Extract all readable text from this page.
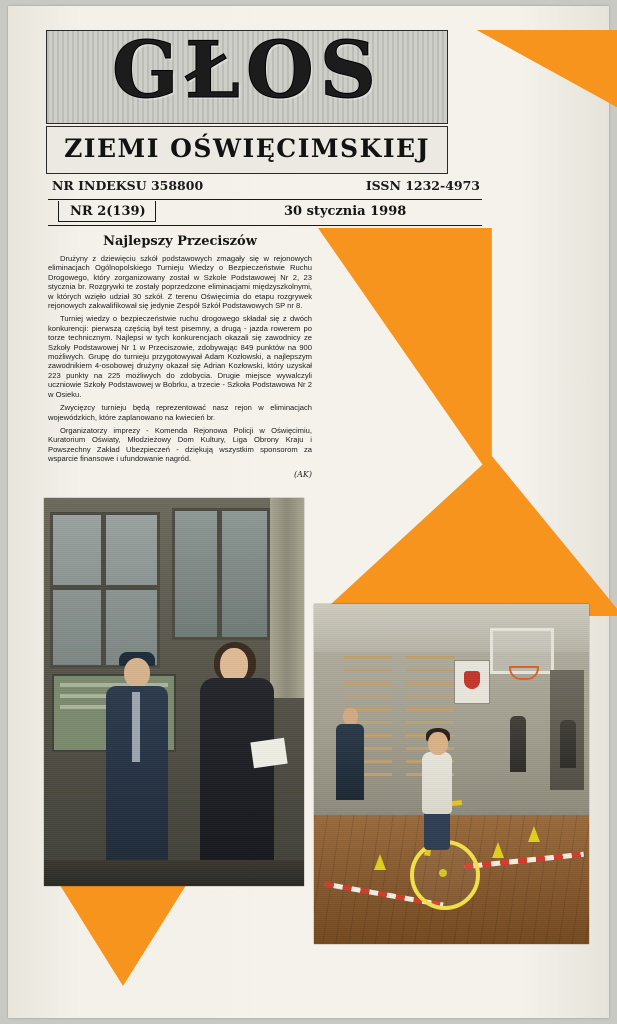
GŁOS
ZIEMI OŚWIĘCIMSKIEJ
NR INDEKSU 358800	ISSN 1232-4973
NR 2(139)	30 stycznia 1998
Najlepszy Przeciszów

Drużyny z dziewięciu szkół podstawowych zmagały się w rejonowych eliminacjach Ogólnopolskiego Turnieju Wiedzy o Bezpieczeństwie Ruchu Drogowego, który zorganizowany został w Szkole Podstawowej Nr 2, 23 stycznia br. Rozgrywki te zostały poprzedzone eliminacjami międzyszkolnymi, w których wzięło udział 30 szkół. Z terenu Oświęcimia do etapu rozgrywek rejonowych zakwalifikował się jedynie Zespół Szkół Podstawowych SP nr 8.

Turniej wiedzy o bezpieczeństwie ruchu drogowego składał się z dwóch konkurencji: pierwszą częścią był test pisemny, a drugą - jazda rowerem po torze technicznym. Najlepsi w tych konkurencjach okazali się zawodnicy ze Szkoły Podstawowej Nr 1 w Przeciszowie, zdobywając 849 punktów na 900 możliwych. Grupę do turnieju przygotowywał Adam Kozłowski, a najlepszym zawodnikiem 4-osobowej drużyny okazał się Adrian Kozłowski, który uzyskał 223 punkty na 225 możliwych do zdobycia. Drugie miejsce wywalczyli uczniowie Szkoły Podstawowej w Bobrku, a trzecie - Szkoła Podstawowa Nr 2 w Osieku.

Zwycięzcy turnieju będą reprezentować nasz rejon w eliminacjach wojewódzkich, które zaplanowano na kwiecień br.

Organizatorzy imprezy - Komenda Rejonowa Policji w Oświęcimiu, Kuratorium Oświaty, Młodzieżowy Dom Kultury, Liga Obrony Kraju i Powszechny Zakład Ubezpieczeń - dziękują wszystkim sponsorom za wsparcie finansowe i ufundowanie nagród.

(AK)
